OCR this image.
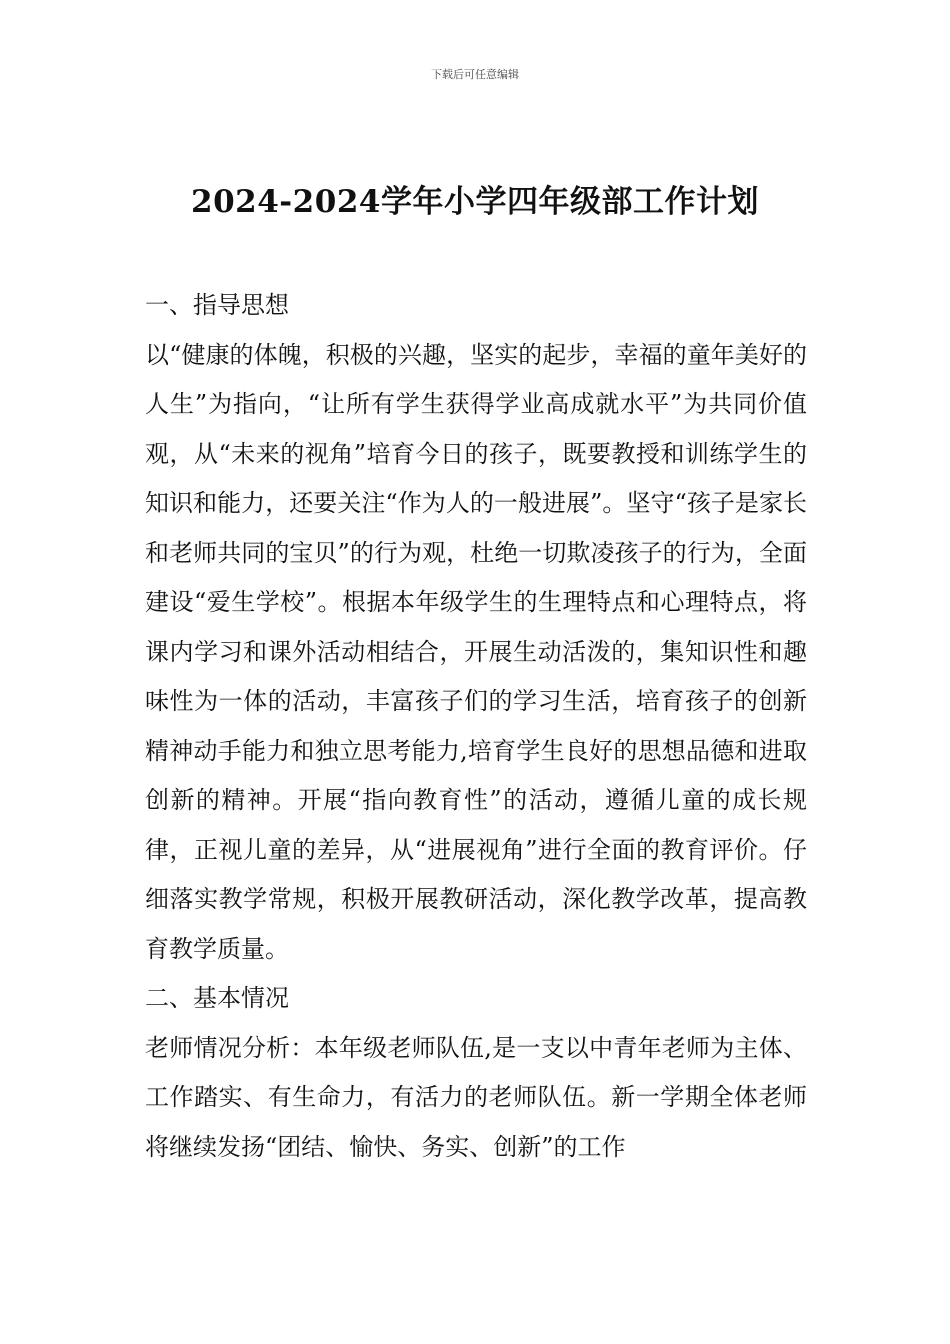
下载后可任意编辑
2024-2024学年小学四年级部工作计划

一、指导思想

以“健康的体魄，积极的兴趣，坚实的起步，幸福的童年美好的人生”为指向，“让所有学生获得学业高成就水平”为共同价值观，从“未来的视角”培育今日的孩子，既要教授和训练学生的知识和能力，还要关注“作为人的一般进展”。坚守“孩子是家长和老师共同的宝贝”的行为观，杜绝一切欺凌孩子的行为，全面建设“爱生学校”。根据本年级学生的生理特点和心理特点，将课内学习和课外活动相结合，开展生动活泼的，集知识性和趣味性为一体的活动，丰富孩子们的学习生活，培育孩子的创新精神动手能力和独立思考能力,培育学生良好的思想品德和进取创新的精神。开展“指向教育性”的活动，遵循儿童的成长规律，正视儿童的差异，从“进展视角”进行全面的教育评价。仔细落实教学常规，积极开展教研活动，深化教学改革，提高教育教学质量。

二、基本情况

老师情况分析：本年级老师队伍,是一支以中青年老师为主体、工作踏实、有生命力，有活力的老师队伍。新一学期全体老师将继续发扬“团结、愉快、务实、创新”的工作
